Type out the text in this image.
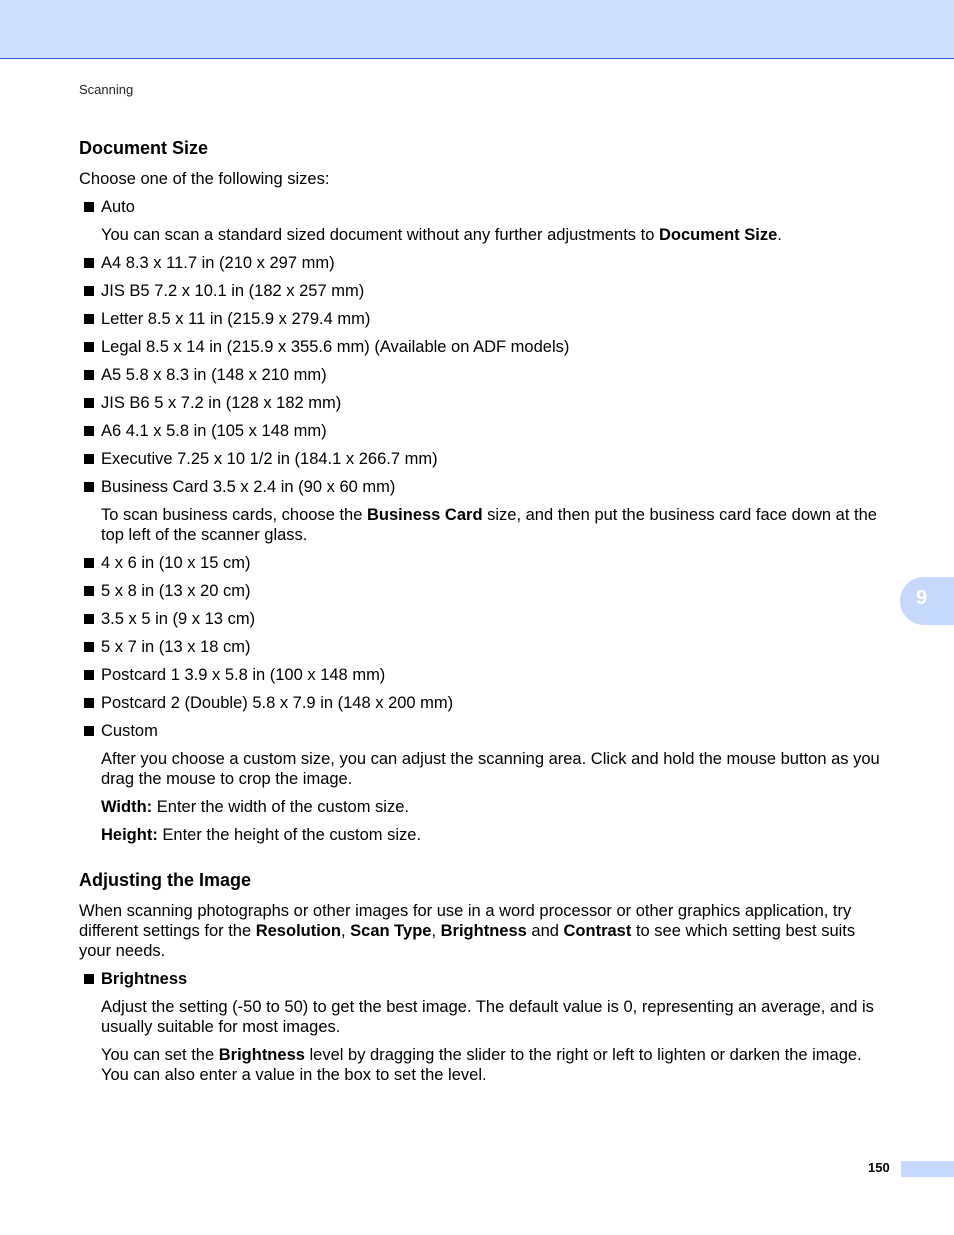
Scanning
9
Document Size

Choose one of the following sizes:

Auto

You can scan a standard sized document without any further adjustments to Document Size.

A4 8.3 x 11.7 in (210 x 297 mm)
JIS B5 7.2 x 10.1 in (182 x 257 mm)
Letter 8.5 x 11 in (215.9 x 279.4 mm)
Legal 8.5 x 14 in (215.9 x 355.6 mm) (Available on ADF models)
A5 5.8 x 8.3 in (148 x 210 mm)
JIS B6 5 x 7.2 in (128 x 182 mm)
A6 4.1 x 5.8 in (105 x 148 mm)
Executive 7.25 x 10 1/2 in (184.1 x 266.7 mm)
Business Card 3.5 x 2.4 in (90 x 60 mm)

To scan business cards, choose the Business Card size, and then put the business card face down at the top left of the scanner glass.

4 x 6 in (10 x 15 cm)
5 x 8 in (13 x 20 cm)
3.5 x 5 in (9 x 13 cm)
5 x 7 in (13 x 18 cm)
Postcard 1 3.9 x 5.8 in (100 x 148 mm)
Postcard 2 (Double) 5.8 x 7.9 in (148 x 200 mm)
Custom

After you choose a custom size, you can adjust the scanning area. Click and hold the mouse button as you drag the mouse to crop the image.

Width: Enter the width of the custom size.

Height: Enter the height of the custom size.

Adjusting the Image

When scanning photographs or other images for use in a word processor or other graphics application, try different settings for the Resolution, Scan Type, Brightness and Contrast to see which setting best suits your needs.

Brightness

Adjust the setting (-50 to 50) to get the best image. The default value is 0, representing an average, and is usually suitable for most images.

You can set the Brightness level by dragging the slider to the right or left to lighten or darken the image. You can also enter a value in the box to set the level.

150
